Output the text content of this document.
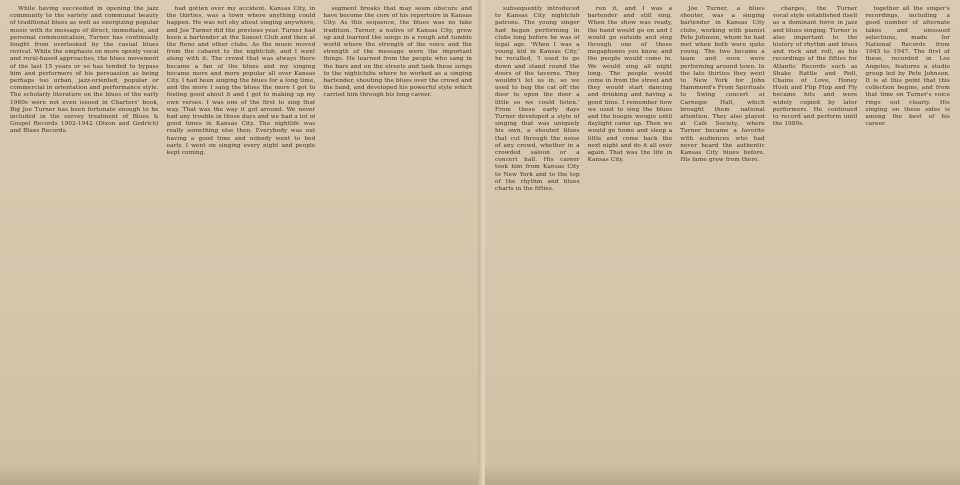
While having succeeded in opening the jazz community to the variety and communal beauty of traditional blues as well as energizing popular music with its message of direct, immediate, and personal communication, Turner has continually fought from overlooked by the casual blues revival. While the emphasis on more openly vocal and rural-based approaches, the blues movement of the last 15 years or so has tended to bypass him and performers of his persuasion as being perhaps too urban, jazz-oriented, popular or commercial in orientation and performance style. The scholarly literature on the blues of the early 1960s were not even issued in Charters' book, Big Joe Turner has been fortunate enough to be included in the survey treatment of Blues & Gospel Records 1902-1942 (Dixon and Godrich) and Blues Records.

had gotten over my accident. Kansas City, in the thirties, was a town where anything could happen. He was not shy about singing anywhere, and Joe Turner did the previous year. Turner had been a bartender at the Sunset Club and then at the Reno and other clubs. As the music moved from the cabaret to the nightclub, and I went along with it. The crowd that was always there became a fan of the blues and my singing became more and more popular all over Kansas City. I had been singing the blues for a long time, and the more I sang the blues the more I got to feeling good about it and I got to making up my own verses. I was one of the first to sing that way. That was the way it got around. We never had any trouble in those days and we had a lot of good times in Kansas City. The nightlife was really something else then. Everybody was out having a good time and nobody went to bed early. I went on singing every night and people kept coming.

segment breaks that may seem obscure and have become the core of his repertoire in Kansas City. As this sequence, the blues was no fake tradition. Turner, a native of Kansas City, grew up and learned the songs in a rough and tumble world where the strength of the voice and the strength of the message were the important things. He learned from the people who sang in the bars and on the streets and took these songs to the nightclubs where he worked as a singing bartender, shouting the blues over the crowd and the band, and developed his powerful style which carried him through his long career.

subsequently introduced to Kansas City nightclub patrons. The young singer had begun performing in clubs long before he was of legal age. 'When I was a young kid in Kansas City,' he recalled, 'I used to go down and stand round the doors of the taverns. They wouldn't let us in, so we used to beg the cat off the door to open the door a little so we could listen.' From these early days Turner developed a style of singing that was uniquely his own, a shouted blues that cut through the noise of any crowd, whether in a crowded saloon or a concert hall. His career took him from Kansas City to New York and to the top of the rhythm and blues charts in the fifties.

run it, and I was a bartender and still sing. When the show was ready, the band would go on and I would go outside and sing through one of those megaphones you know, and the people would come in. We would sing all night long. The people would come in from the street and they would start dancing and drinking and having a good time. I remember how we used to sing the blues and the boogie woogie until daylight came up. Then we would go home and sleep a little and come back the next night and do it all over again. That was the life in Kansas City.

Joe Turner, a blues shouter, was a singing bartender in Kansas City clubs, working with pianist Pete Johnson, whom he had met when both were quite young. The two became a team and soon were performing around town. In the late thirties they went to New York for John Hammond's From Spirituals to Swing concert at Carnegie Hall, which brought them national attention. They also played at Cafe Society, where Turner became a favorite with audiences who had never heard the authentic Kansas City blues before. His fame grew from there.

charges, the Turner vocal style established itself as a dominant force in jazz and blues singing. Turner is also important to the history of rhythm and blues and rock and roll, as his recordings of the fifties for Atlantic Records such as Shake Rattle and Roll, Chains of Love, Honey Hush and Flip Flop and Fly became hits and were widely copied by later performers. He continued to record and perform until the 1980s.

together all the singer's recordings, including a good number of alternate takes and unissued selections, made for National Records from 1945 to 1947. The first of these, recorded in Los Angeles, features a studio group led by Pete Johnson. It is at this point that this collection begins, and from that time on Turner's voice rings out clearly. His singing on these sides is among the best of his career.
